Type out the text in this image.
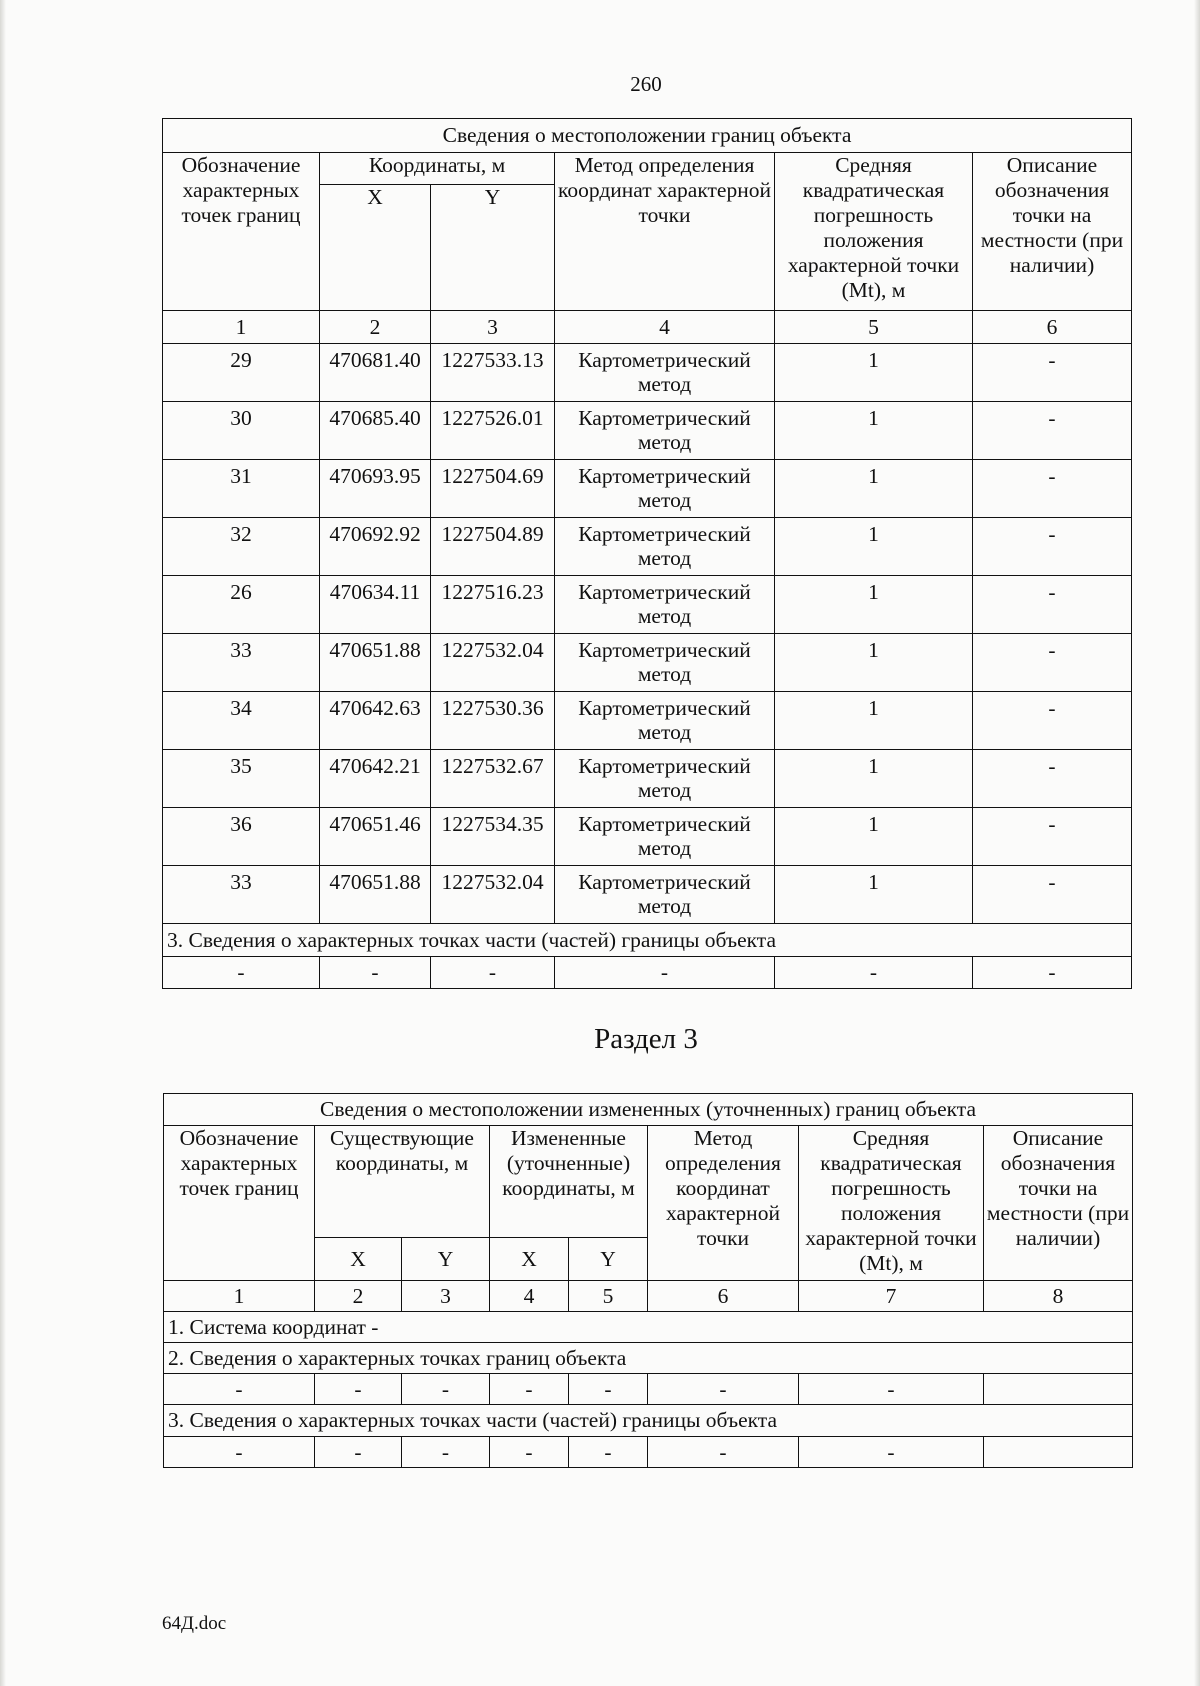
260
Сведения о местоположении границ объекта					
Обозначение характерных точек границ	Координаты, м		Метод определения координат характерной точки	Средняя квадратическая погрешность положения характерной точки (Mt), м	Описание обозначения точки на местности (при наличии)
	X	Y			
1	2	3	4	5	6
29	470681.40	1227533.13	Картометрический метод	1	-
30	470685.40	1227526.01	Картометрический метод	1	-
31	470693.95	1227504.69	Картометрический метод	1	-
32	470692.92	1227504.89	Картометрический метод	1	-
26	470634.11	1227516.23	Картометрический метод	1	-
33	470651.88	1227532.04	Картометрический метод	1	-
34	470642.63	1227530.36	Картометрический метод	1	-
35	470642.21	1227532.67	Картометрический метод	1	-
36	470651.46	1227534.35	Картометрический метод	1	-
33	470651.88	1227532.04	Картометрический метод	1	-
3. Сведения о характерных точках части (частей) границы объекта					
-	-	-	-	-	-
Раздел 3
Сведения о местоположении измененных (уточненных) границ объекта							
Обозначение характерных точек границ	Существующие координаты, м		Измененные (уточненные) координаты, м		Метод определения координат характерной точки	Средняя квадратическая погрешность положения характерной точки (Mt), м	Описание обозначения точки на местности (при наличии)
	X	Y	X	Y			
1	2	3	4	5	6	7	8
1. Система координат -							
2. Сведения о характерных точках границ объекта							
-	-	-	-	-	-	-	
3. Сведения о характерных точках части (частей) границы объекта							
-	-	-	-	-	-	-	
64Д.doc
